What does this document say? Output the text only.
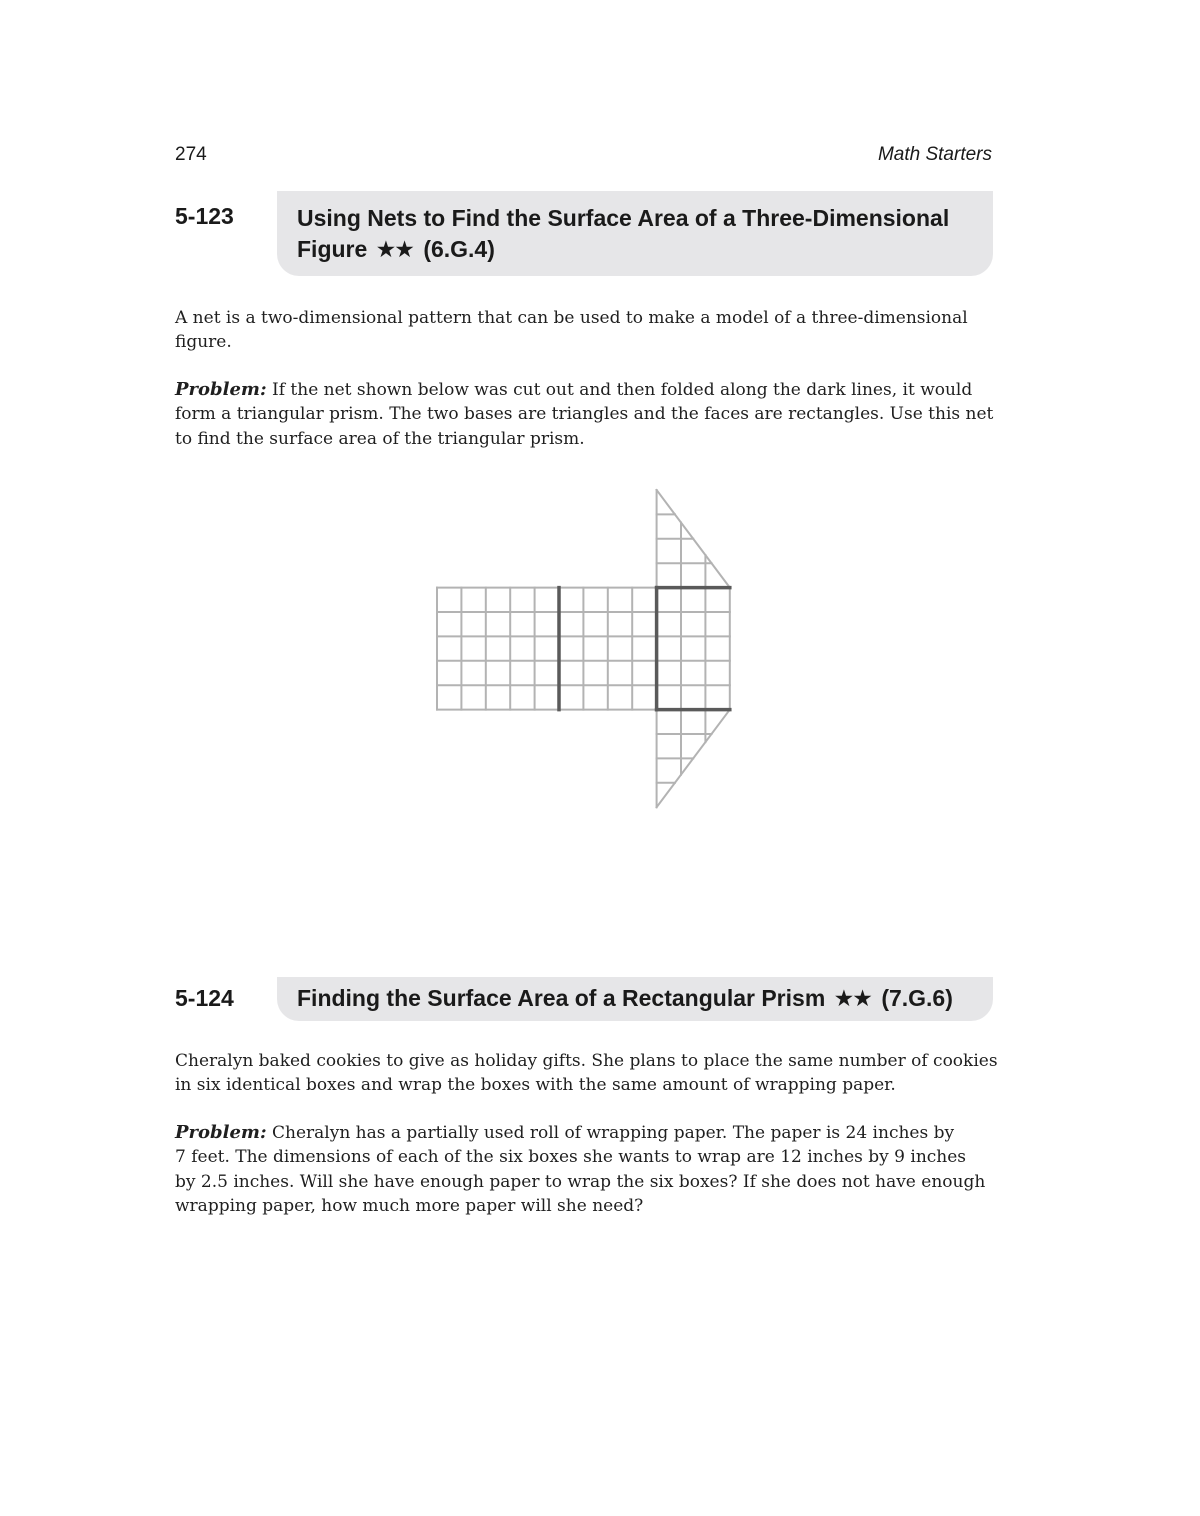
274	Math Starters
5-123	Using Nets to Find the Surface Area of a Three-Dimensional
Figure ★★ (6.G.4)
A net is a two-dimensional pattern that can be used to make a model of a three-dimensional
figure.
Problem: If the net shown below was cut out and then folded along the dark lines, it would
form a triangular prism. The two bases are triangles and the faces are rectangles. Use this net
to find the surface area of the triangular prism.
5-124	Finding the Surface Area of a Rectangular Prism ★★ (7.G.6)
Cheralyn baked cookies to give as holiday gifts. She plans to place the same number of cookies
in six identical boxes and wrap the boxes with the same amount of wrapping paper.
Problem: Cheralyn has a partially used roll of wrapping paper. The paper is 24 inches by
7 feet. The dimensions of each of the six boxes she wants to wrap are 12 inches by 9 inches
by 2.5 inches. Will she have enough paper to wrap the six boxes? If she does not have enough
wrapping paper, how much more paper will she need?
